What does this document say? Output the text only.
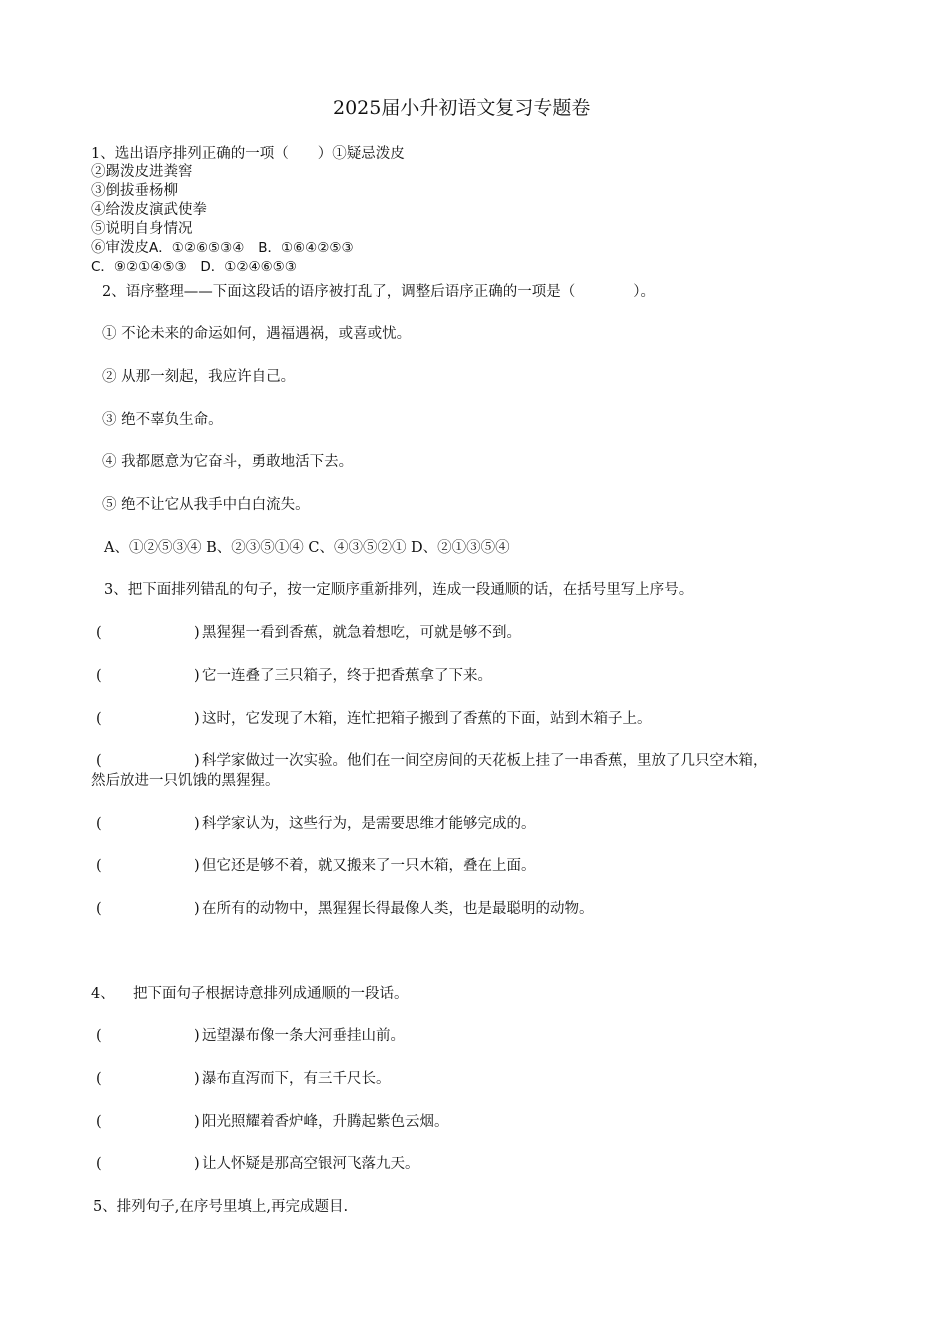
2025届小升初语文复习专题卷
1、选出语序排列正确的一项（　　）①疑忌泼皮
②踢泼皮进粪窖
③倒拔垂杨柳
④给泼皮演武使拳
⑤说明自身情况
⑥审泼皮A．①②⑥⑤③④ B．①⑥④②⑤③
C．⑨②①④⑤③ D．①②④⑥⑤③
2、语序整理——下面这段话的语序被打乱了，调整后语序正确的一项是（　　　　）。
① 不论未来的命运如何，遇福遇祸，或喜或忧。
② 从那一刻起，我应许自己。
③ 绝不辜负生命。
④ 我都愿意为它奋斗，勇敢地活下去。
⑤ 绝不让它从我手中白白流失。
A、①②⑤③④ B、②③⑤①④ C、④③⑤②① D、②①③⑤④
3、把下面排列错乱的句子，按一定顺序重新排列，连成一段通顺的话，在括号里写上序号。
(	) 黑猩猩一看到香蕉，就急着想吃，可就是够不到。
(	) 它一连叠了三只箱子，终于把香蕉拿了下来。
(	) 这时，它发现了木箱，连忙把箱子搬到了香蕉的下面，站到木箱子上。
(	) 科学家做过一次实验。他们在一间空房间的天花板上挂了一串香蕉，里放了几只空木箱，
然后放进一只饥饿的黑猩猩。
(	) 科学家认为，这些行为，是需要思维才能够完成的。
(	) 但它还是够不着，就又搬来了一只木箱，叠在上面。
(	) 在所有的动物中，黑猩猩长得最像人类，也是最聪明的动物。
4、 把下面句子根据诗意排列成通顺的一段话。
(	) 远望瀑布像一条大河垂挂山前。
(	) 瀑布直泻而下，有三千尺长。
(	) 阳光照耀着香炉峰，升腾起紫色云烟。
(	) 让人怀疑是那高空银河飞落九天。
5、排列句子,在序号里填上,再完成题目.
